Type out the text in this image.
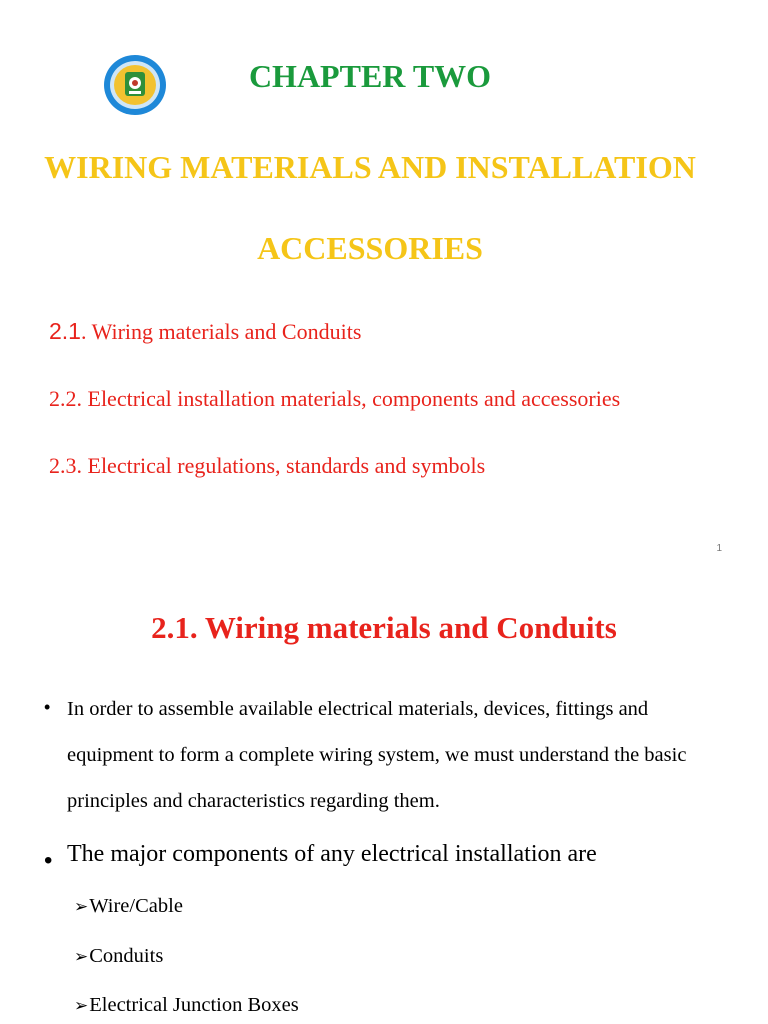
CHAPTER TWO
WIRING MATERIALS AND INSTALLATION
ACCESSORIES
2.1. Wiring materials and Conduits
2.2. Electrical installation materials, components and accessories
2.3. Electrical regulations, standards and symbols
1
2.1. Wiring materials and Conduits
• In order to assemble available electrical materials, devices, fittings and equipment to form a complete wiring system, we must understand the basic principles and characteristics regarding them.
• The major components of any electrical installation are
➢Wire/Cable
➢Conduits
➢Electrical Junction Boxes
